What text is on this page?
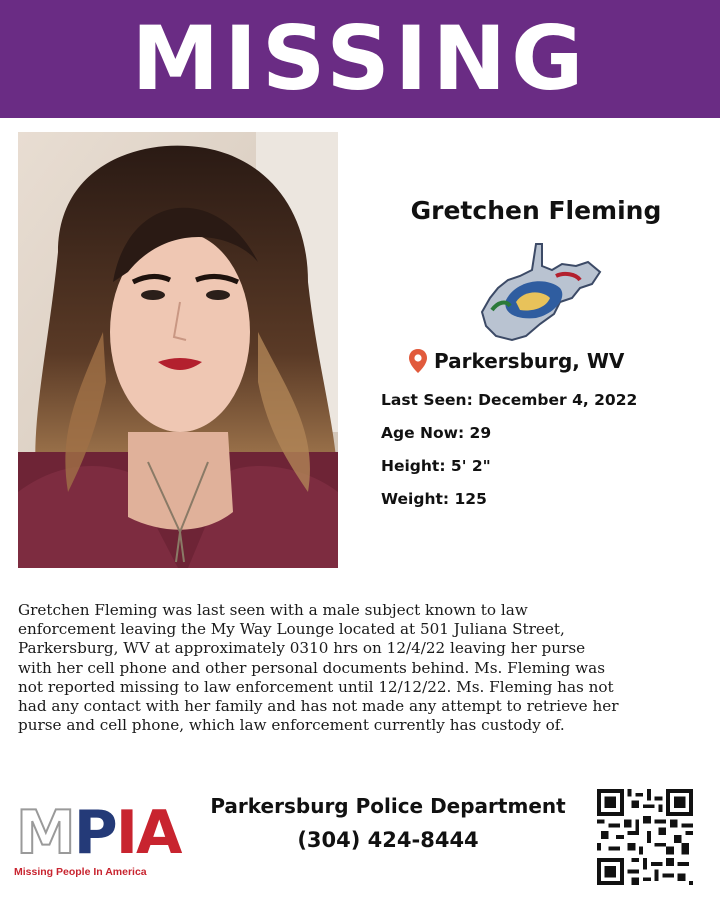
MISSING
Gretchen Fleming
Parkersburg, WV
Last Seen: December 4, 2022
Age Now: 29
Height: 5' 2"
Weight: 125
Gretchen Fleming was last seen with a male subject known to law
enforcement leaving the My Way Lounge located at 501 Juliana Street,
Parkersburg, WV at approximately 0310 hrs on 12/4/22 leaving her purse
with her cell phone and other personal documents behind. Ms. Fleming was
not reported missing to law enforcement until 12/12/22. Ms. Fleming has not
had any contact with her family and has not made any attempt to retrieve her
purse and cell phone, which law enforcement currently has custody of.
MPIA
Missing People In America
Parkersburg Police Department
(304) 424-8444
